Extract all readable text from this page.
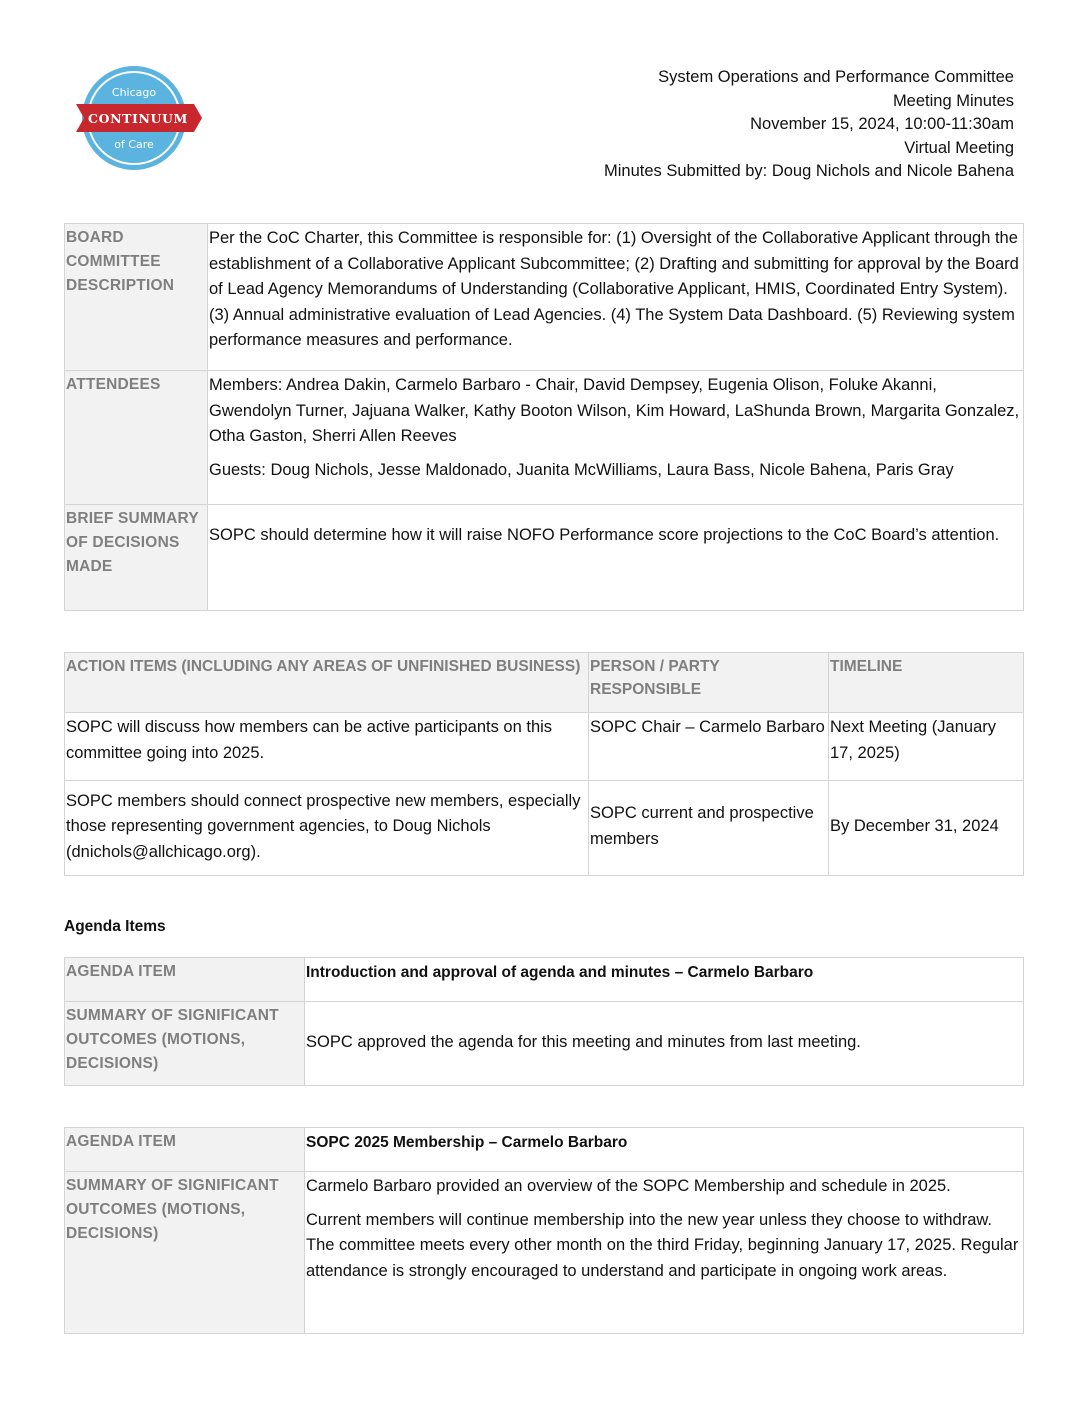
Chicago
CONTINUUM
of Care
System Operations and Performance Committee
Meeting Minutes
November 15, 2024, 10:00-11:30am
Virtual Meeting
Minutes Submitted by: Doug Nichols and Nicole Bahena
BOARD COMMITTEE DESCRIPTION	Per the CoC Charter, this Committee is responsible for: (1) Oversight of the Collaborative Applicant through the establishment of a Collaborative Applicant Subcommittee; (2) Drafting and submitting for approval by the Board of Lead Agency Memorandums of Understanding (Collaborative Applicant, HMIS, Coordinated Entry System). (3) Annual administrative evaluation of Lead Agencies. (4) The System Data Dashboard. (5) Reviewing system performance measures and performance.

ATTENDEES	Members: Andrea Dakin, Carmelo Barbaro - Chair, David Dempsey, Eugenia Olison, Foluke Akanni, Gwendolyn Turner, Jajuana Walker, Kathy Booton Wilson, Kim Howard, LaShunda Brown, Margarita Gonzalez, Otha Gaston, Sherri Allen Reeves

Guests: Doug Nichols, Jesse Maldonado, Juanita McWilliams, Laura Bass, Nicole Bahena, Paris Gray

BRIEF SUMMARY OF DECISIONS MADE	SOPC should determine how it will raise NOFO Performance score projections to the CoC Board’s attention.

ACTION ITEMS (INCLUDING ANY AREAS OF UNFINISHED BUSINESS)	PERSON / PARTY RESPONSIBLE	TIMELINE
SOPC will discuss how members can be active participants on this committee going into 2025.	SOPC Chair – Carmelo Barbaro	Next Meeting (January 17, 2025)
SOPC members should connect prospective new members, especially those representing government agencies, to Doug Nichols (dnichols@allchicago.org).	SOPC current and prospective members	By December 31, 2024
Agenda Items
AGENDA ITEM	Introduction and approval of agenda and minutes – Carmelo Barbaro
SUMMARY OF SIGNIFICANT OUTCOMES (MOTIONS, DECISIONS)	SOPC approved the agenda for this meeting and minutes from last meeting.

AGENDA ITEM	SOPC 2025 Membership – Carmelo Barbaro
SUMMARY OF SIGNIFICANT OUTCOMES (MOTIONS, DECISIONS)	Carmelo Barbaro provided an overview of the SOPC Membership and schedule in 2025.

Current members will continue membership into the new year unless they choose to withdraw. The committee meets every other month on the third Friday, beginning January 17, 2025. Regular attendance is strongly encouraged to understand and participate in ongoing work areas.
